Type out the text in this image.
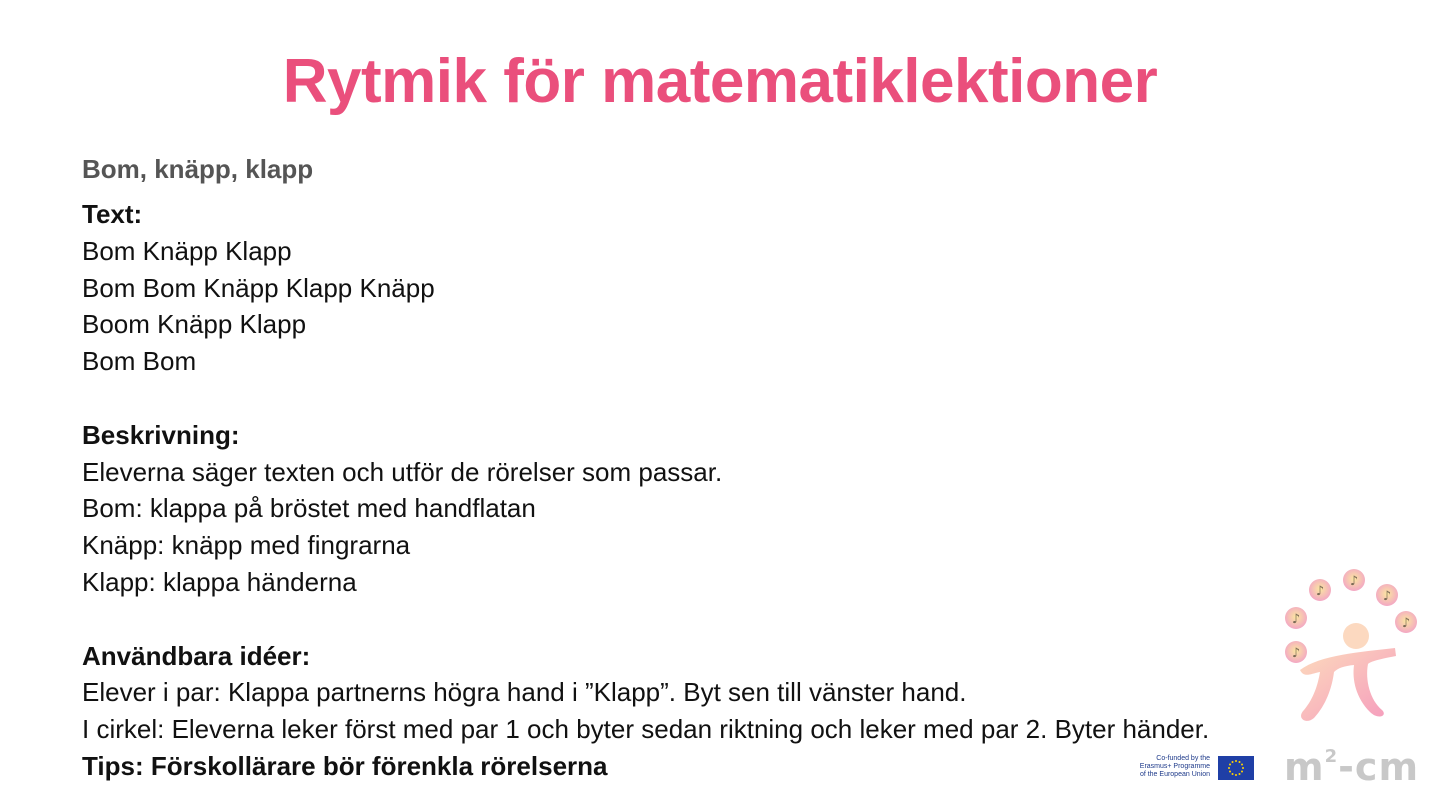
Rytmik för matematiklektioner
Bom, knäpp, klapp
Text:
Bom Knäpp Klapp
Bom Bom Knäpp Klapp Knäpp
Boom Knäpp Klapp
Bom Bom
Beskrivning:
Eleverna säger texten och utför de rörelser som passar.
Bom: klappa på bröstet med handflatan
Knäpp: knäpp med fingrarna
Klapp: klappa händerna
Användbara idéer:
Elever i par: Klappa partnerns högra hand i ”Klapp”. Byt sen till vänster hand.
I cirkel: Eleverna leker först med par 1 och byter sedan riktning och leker med par 2. Byter händer.
Tips: Förskollärare bör förenkla rörelserna
♪
♪
♪
♪
♪
♪
Co-funded by the
Erasmus+ Programme
of the European Union $m^2-cm$
